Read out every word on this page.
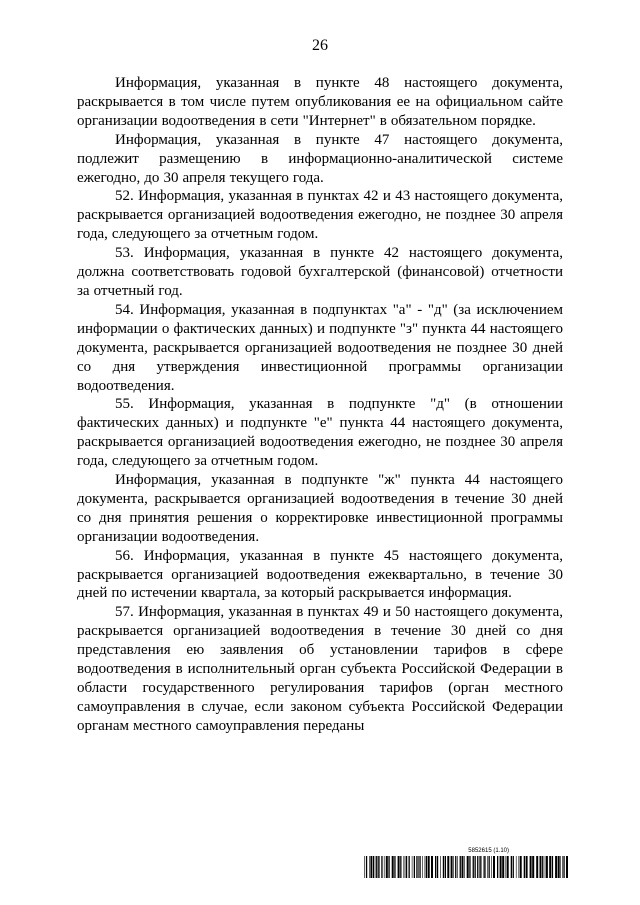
26

Информация, указанная в пункте 48 настоящего документа, раскрывается в том числе путем опубликования ее на официальном сайте организации водоотведения в сети "Интернет" в обязательном порядке.

Информация, указанная в пункте 47 настоящего документа, подлежит размещению в информационно-аналитической системе ежегодно, до 30 апреля текущего года.

52. Информация, указанная в пунктах 42 и 43 настоящего документа, раскрывается организацией водоотведения ежегодно, не позднее 30 апреля года, следующего за отчетным годом.

53. Информация, указанная в пункте 42 настоящего документа, должна соответствовать годовой бухгалтерской (финансовой) отчетности за отчетный год.

54. Информация, указанная в подпунктах "а" - "д" (за исключением информации о фактических данных) и подпункте "з" пункта 44 настоящего документа, раскрывается организацией водоотведения не позднее 30 дней со дня утверждения инвестиционной программы организации водоотведения.

55. Информация, указанная в подпункте "д" (в отношении фактических данных) и подпункте "е" пункта 44 настоящего документа, раскрывается организацией водоотведения ежегодно, не позднее 30 апреля года, следующего за отчетным годом.

Информация, указанная в подпункте "ж" пункта 44 настоящего документа, раскрывается организацией водоотведения в течение 30 дней со дня принятия решения о корректировке инвестиционной программы организации водоотведения.

56. Информация, указанная в пункте 45 настоящего документа, раскрывается организацией водоотведения ежеквартально, в течение 30 дней по истечении квартала, за который раскрывается информация.

57. Информация, указанная в пунктах 49 и 50 настоящего документа, раскрывается организацией водоотведения в течение 30 дней со дня представления ею заявления об установлении тарифов в сфере водоотведения в исполнительный орган субъекта Российской Федерации в области государственного регулирования тарифов (орган местного самоуправления в случае, если законом субъекта Российской Федерации органам местного самоуправления переданы

5852615 (1.10)
